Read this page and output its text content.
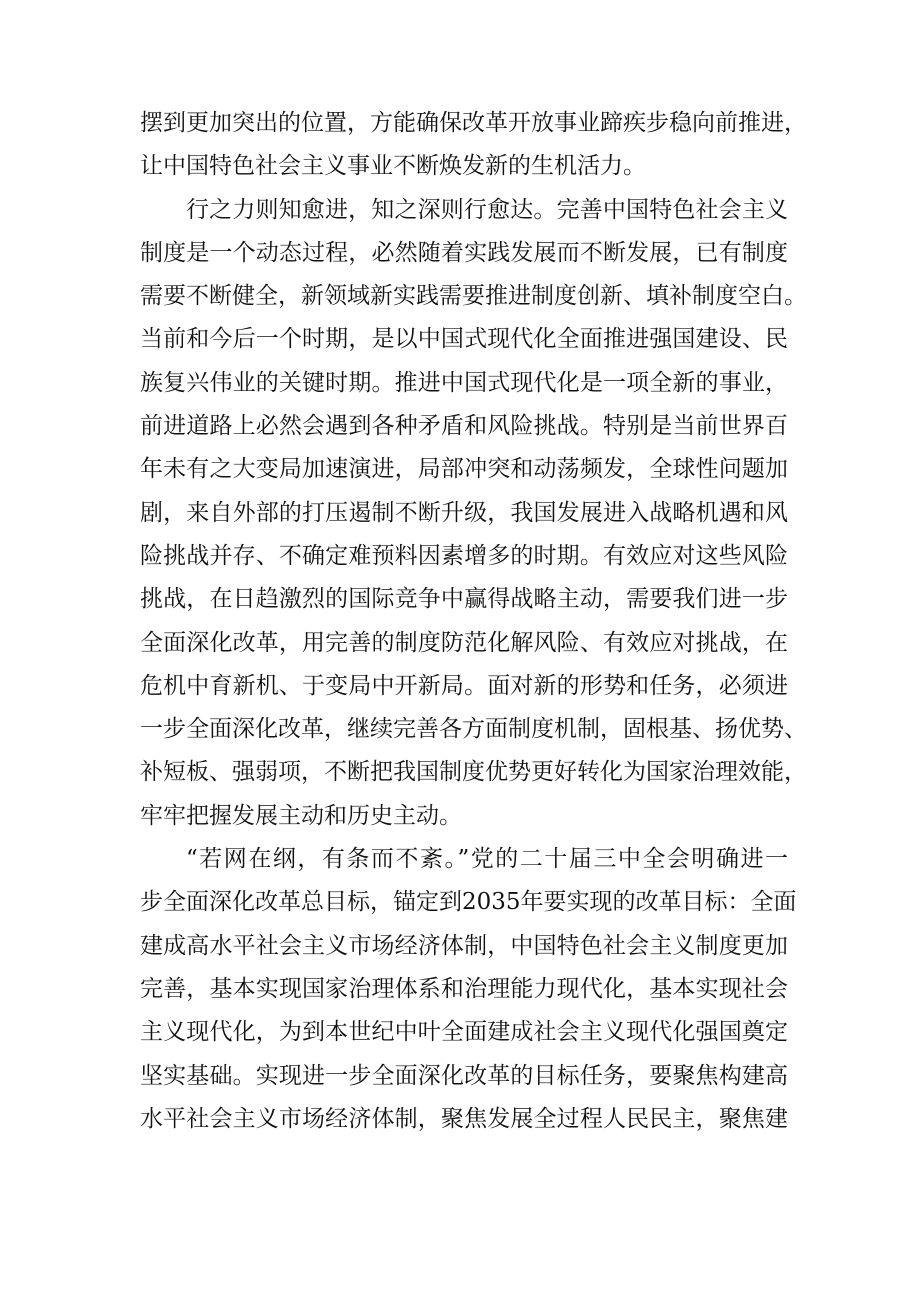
摆到更加突出的位置，方能确保改革开放事业蹄疾步稳向前推进，
让中国特色社会主义事业不断焕发新的生机活力。
行之力则知愈进，知之深则行愈达。完善中国特色社会主义
制度是一个动态过程，必然随着实践发展而不断发展，已有制度
需要不断健全，新领域新实践需要推进制度创新、填补制度空白。
当前和今后一个时期，是以中国式现代化全面推进强国建设、民
族复兴伟业的关键时期。推进中国式现代化是一项全新的事业，
前进道路上必然会遇到各种矛盾和风险挑战。特别是当前世界百
年未有之大变局加速演进，局部冲突和动荡频发，全球性问题加
剧，来自外部的打压遏制不断升级，我国发展进入战略机遇和风
险挑战并存、不确定难预料因素增多的时期。有效应对这些风险
挑战，在日趋激烈的国际竞争中赢得战略主动，需要我们进一步
全面深化改革，用完善的制度防范化解风险、有效应对挑战，在
危机中育新机、于变局中开新局。面对新的形势和任务，必须进
一步全面深化改革，继续完善各方面制度机制，固根基、扬优势、
补短板、强弱项，不断把我国制度优势更好转化为国家治理效能，
牢牢把握发展主动和历史主动。
“若网在纲，有条而不紊。”党的二十届三中全会明确进一
步全面深化改革总目标，锚定到2035年要实现的改革目标：全面
建成高水平社会主义市场经济体制，中国特色社会主义制度更加
完善，基本实现国家治理体系和治理能力现代化，基本实现社会
主义现代化，为到本世纪中叶全面建成社会主义现代化强国奠定
坚实基础。实现进一步全面深化改革的目标任务，要聚焦构建高
水平社会主义市场经济体制，聚焦发展全过程人民民主，聚焦建
